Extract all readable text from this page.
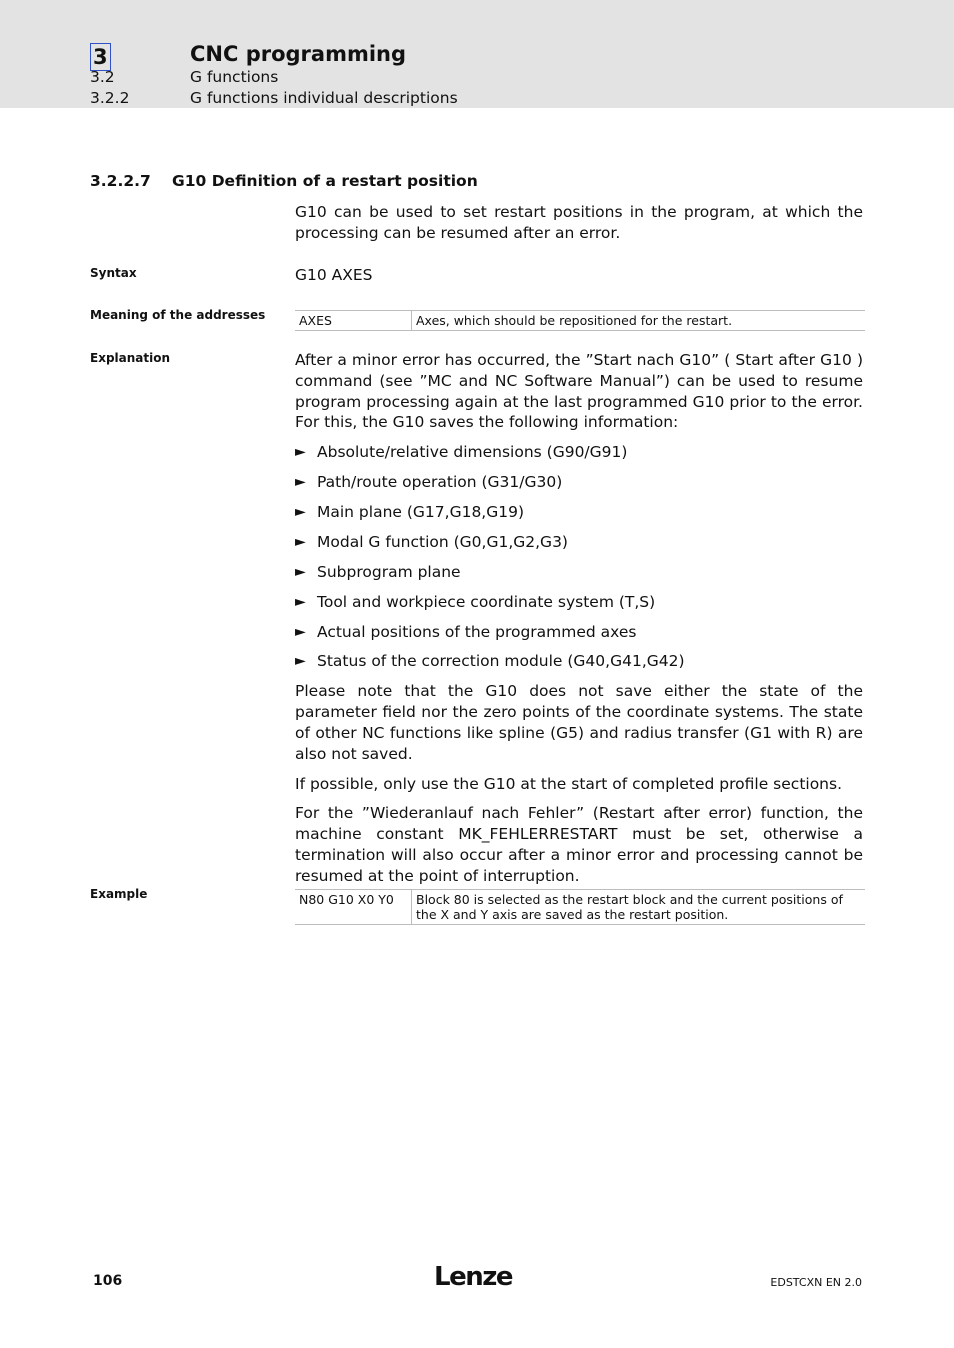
3	CNC programming
3.2	G functions
3.2.2	G functions individual descriptions
3.2.2.7 G10 Definition of a restart position

G10 can be used to set restart positions in the program, at which the processing can be resumed after an error.

Syntax	G10 AXES
Meaning of the addresses	AXES	Axes, which should be repositioned for the restart.
Explanation	After a minor error has occurred, the ”Start nach G10” ( Start after G10 ) command (see ”MC and NC Software Manual”) can be used to resume program processing again at the last programmed G10 prior to the error. For this, the G10 saves the following information:

► Absolute/relative dimensions (G90/G91)
► Path/route operation (G31/G30)
► Main plane (G17,G18,G19)
► Modal G function (G0,G1,G2,G3)
► Subprogram plane
► Tool and workpiece coordinate system (T,S)
► Actual positions of the programmed axes
► Status of the correction module (G40,G41,G42)

Please note that the G10 does not save either the state of the parameter field nor the zero points of the coordinate systems. The state of other NC functions like spline (G5) and radius transfer (G1 with R) are also not saved.

If possible, only use the G10 at the start of completed profile sections.

For the ”Wiederanlauf nach Fehler” (Restart after error) function, the machine constant MK_FEHLERRESTART must be set, otherwise a termination will also occur after a minor error and processing cannot be resumed at the point of interruption.

Example	N80 G10 X0 Y0	Block 80 is selected as the restart block and the current positions of the X and Y axis are saved as the restart position.
106	Lenze	EDSTCXN EN 2.0
